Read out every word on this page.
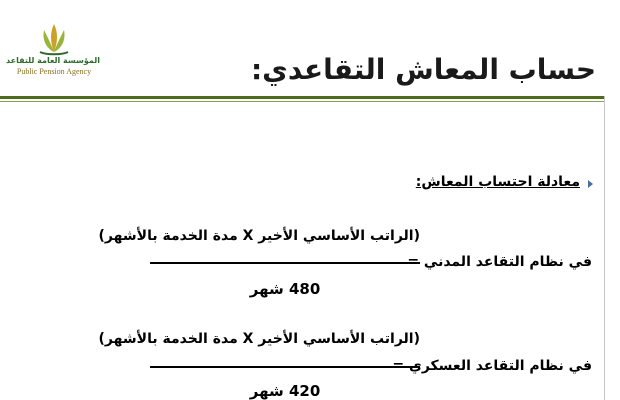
المؤسسة العامة للتقاعد
Public Pension Agency	حساب المعاش التقاعدي:
معادلة احتساب المعاش:
(الراتب الأساسي الأخير X مدة الخدمة بالأشهر)
480 شهر
في نظام التقاعد المدني =
(الراتب الأساسي الأخير X مدة الخدمة بالأشهر)
420 شهر
في نظام التقاعد العسكري =
